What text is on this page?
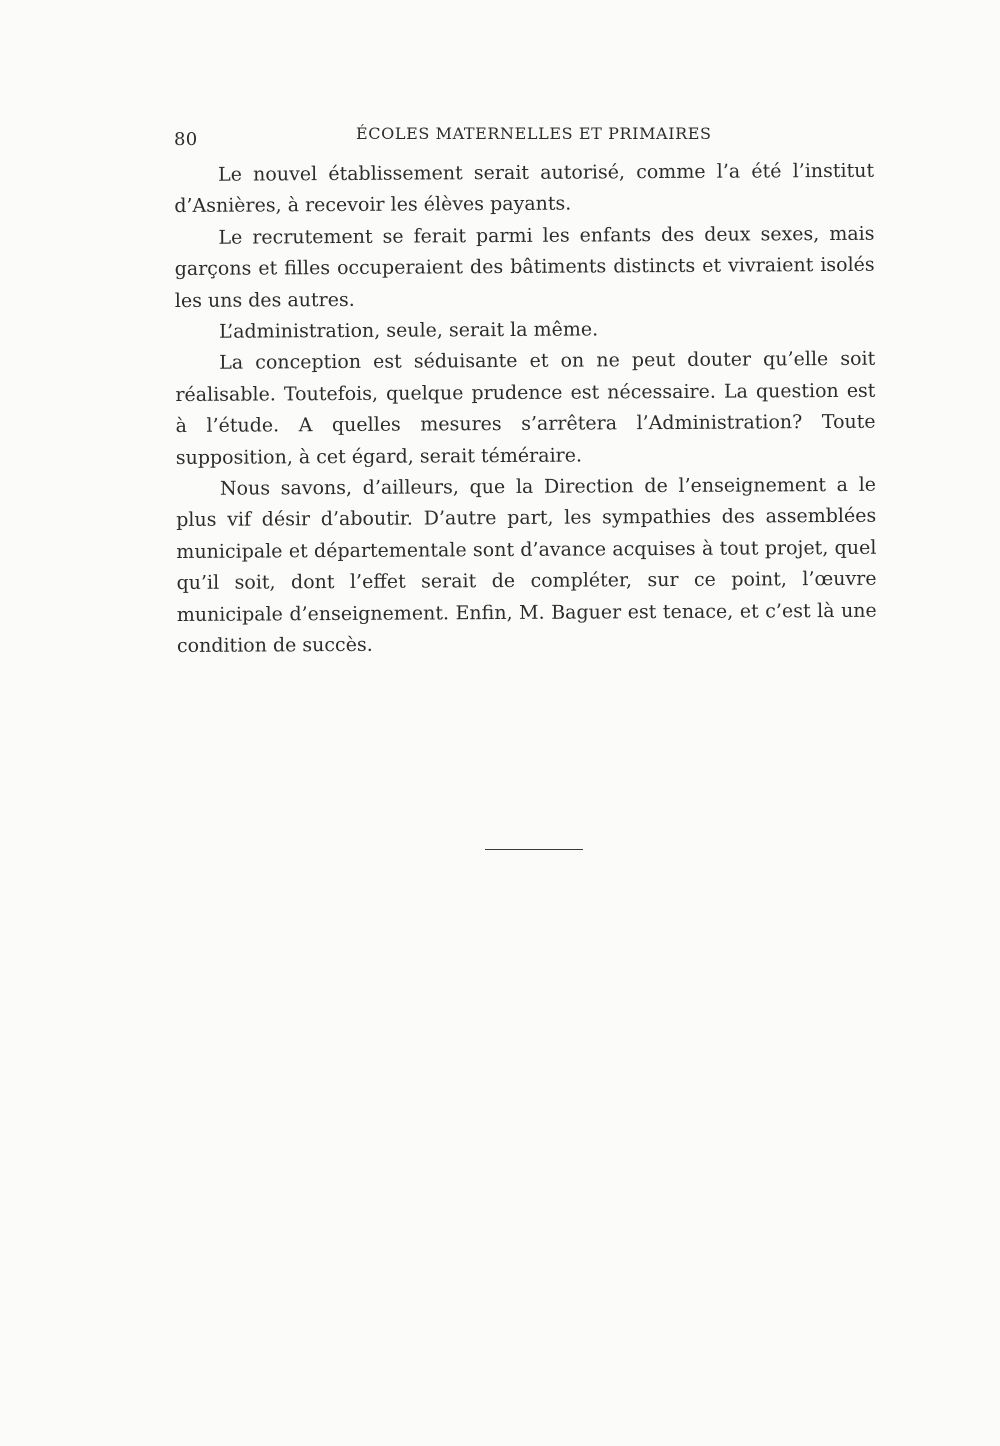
80	ÉCOLES MATERNELLES ET PRIMAIRES

Le nouvel établissement serait autorisé, comme l’a été l’institut d’Asnières, à recevoir les élèves payants.

Le recrutement se ferait parmi les enfants des deux sexes, mais garçons et filles occuperaient des bâtiments distincts et vivraient isolés les uns des autres.

L’administration, seule, serait la même.

La conception est séduisante et on ne peut douter qu’elle soit réalisable. Toutefois, quelque prudence est nécessaire. La question est à l’étude. A quelles mesures s’arrêtera l’Administration? Toute supposition, à cet égard, serait téméraire.

Nous savons, d’ailleurs, que la Direction de l’enseignement a le plus vif désir d’aboutir. D’autre part, les sympathies des assemblées municipale et départementale sont d’avance acquises à tout projet, quel qu’il soit, dont l’effet serait de compléter, sur ce point, l’œuvre municipale d’enseignement. Enfin, M. Baguer est tenace, et c’est là une condition de succès.
